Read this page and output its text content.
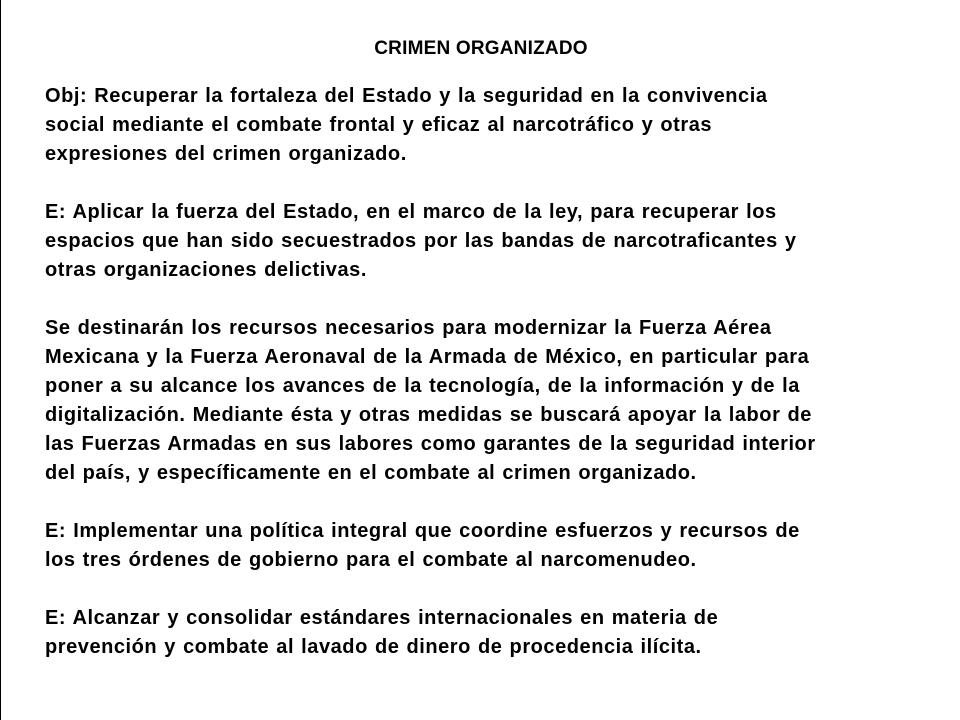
CRIMEN ORGANIZADO
Obj: Recuperar la fortaleza del Estado y la seguridad en la convivencia
social mediante el combate frontal y eficaz al narcotráfico y otras
expresiones del crimen organizado.
E: Aplicar la fuerza del Estado, en el marco de la ley, para recuperar los
espacios que han sido secuestrados por las bandas de narcotraficantes y
otras organizaciones delictivas.
Se destinarán los recursos necesarios para modernizar la Fuerza Aérea
Mexicana y la Fuerza Aeronaval de la Armada de México, en particular para
poner a su alcance los avances de la tecnología, de la información y de la
digitalización. Mediante ésta y otras medidas se buscará apoyar la labor de
las Fuerzas Armadas en sus labores como garantes de la seguridad interior
del país, y específicamente en el combate al crimen organizado.
E: Implementar una política integral que coordine esfuerzos y recursos de
los tres órdenes de gobierno para el combate al narcomenudeo.
E: Alcanzar y consolidar estándares internacionales en materia de
prevención y combate al lavado de dinero de procedencia ilícita.
